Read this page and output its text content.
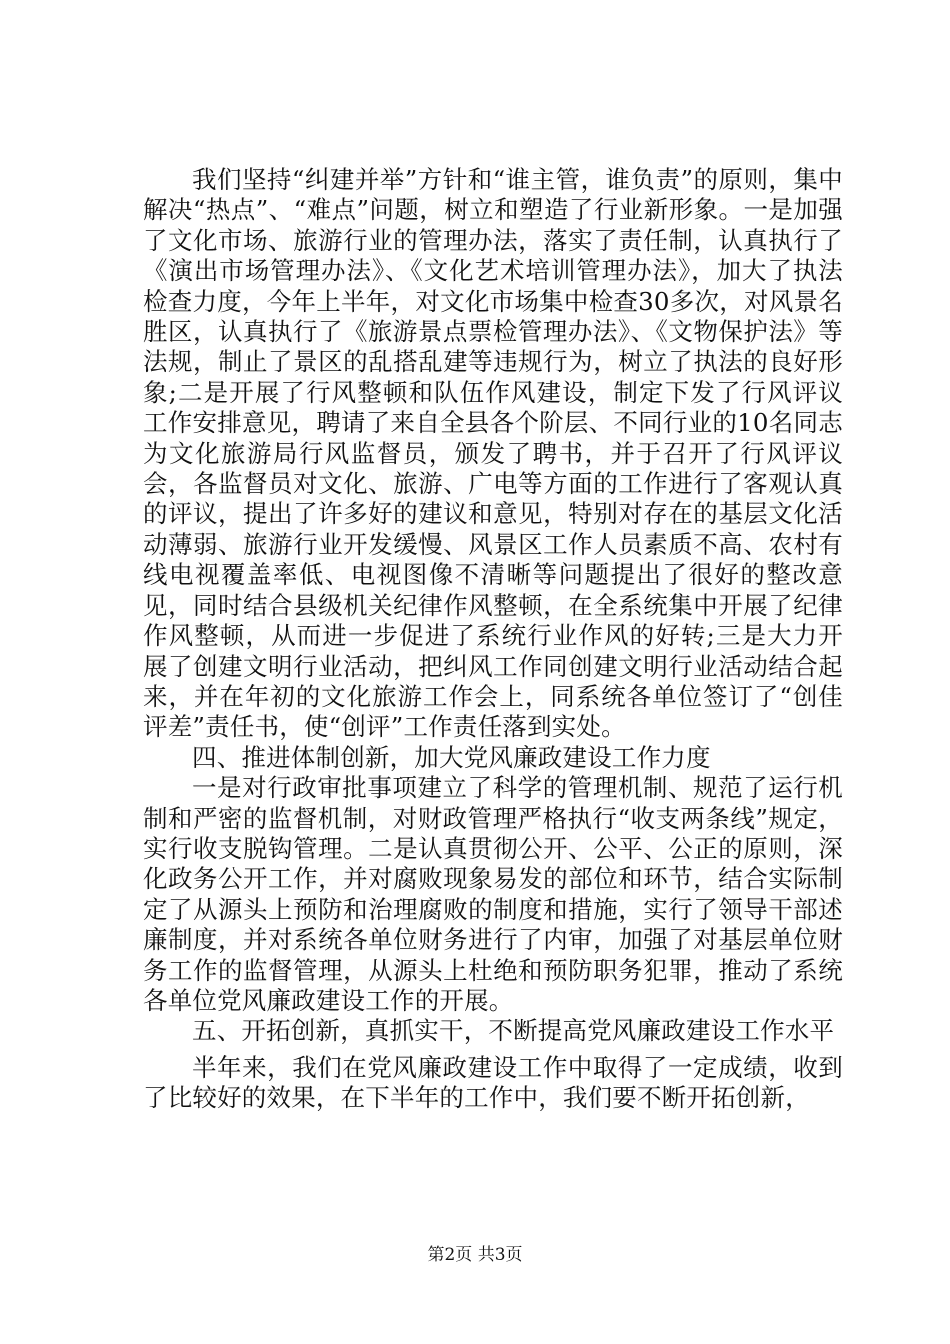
我们坚持“纠建并举”方针和“谁主管，谁负责”的原则，集中解决“热点”、“难点”问题，树立和塑造了行业新形象。一是加强了文化市场、旅游行业的管理办法，落实了责任制，认真执行了《演出市场管理办法》、《文化艺术培训管理办法》，加大了执法检查力度，今年上半年，对文化市场集中检查30多次，对风景名胜区，认真执行了《旅游景点票检管理办法》、《文物保护法》等法规，制止了景区的乱搭乱建等违规行为，树立了执法的良好形象;二是开展了行风整顿和队伍作风建设，制定下发了行风评议工作安排意见，聘请了来自全县各个阶层、不同行业的10名同志为文化旅游局行风监督员，颁发了聘书，并于召开了行风评议会，各监督员对文化、旅游、广电等方面的工作进行了客观认真的评议，提出了许多好的建议和意见，特别对存在的基层文化活动薄弱、旅游行业开发缓慢、风景区工作人员素质不高、农村有线电视覆盖率低、电视图像不清晰等问题提出了很好的整改意见，同时结合县级机关纪律作风整顿，在全系统集中开展了纪律作风整顿，从而进一步促进了系统行业作风的好转;三是大力开展了创建文明行业活动，把纠风工作同创建文明行业活动结合起来，并在年初的文化旅游工作会上，同系统各单位签订了“创佳评差”责任书，使“创评”工作责任落到实处。

四、推进体制创新，加大党风廉政建设工作力度

一是对行政审批事项建立了科学的管理机制、规范了运行机制和严密的监督机制，对财政管理严格执行“收支两条线”规定，实行收支脱钩管理。二是认真贯彻公开、公平、公正的原则，深化政务公开工作，并对腐败现象易发的部位和环节，结合实际制定了从源头上预防和治理腐败的制度和措施，实行了领导干部述廉制度，并对系统各单位财务进行了内审，加强了对基层单位财务工作的监督管理，从源头上杜绝和预防职务犯罪，推动了系统各单位党风廉政建设工作的开展。

五、开拓创新，真抓实干，不断提高党风廉政建设工作水平

半年来，我们在党风廉政建设工作中取得了一定成绩，收到了比较好的效果，在下半年的工作中，我们要不断开拓创新，

第2页 共3页
